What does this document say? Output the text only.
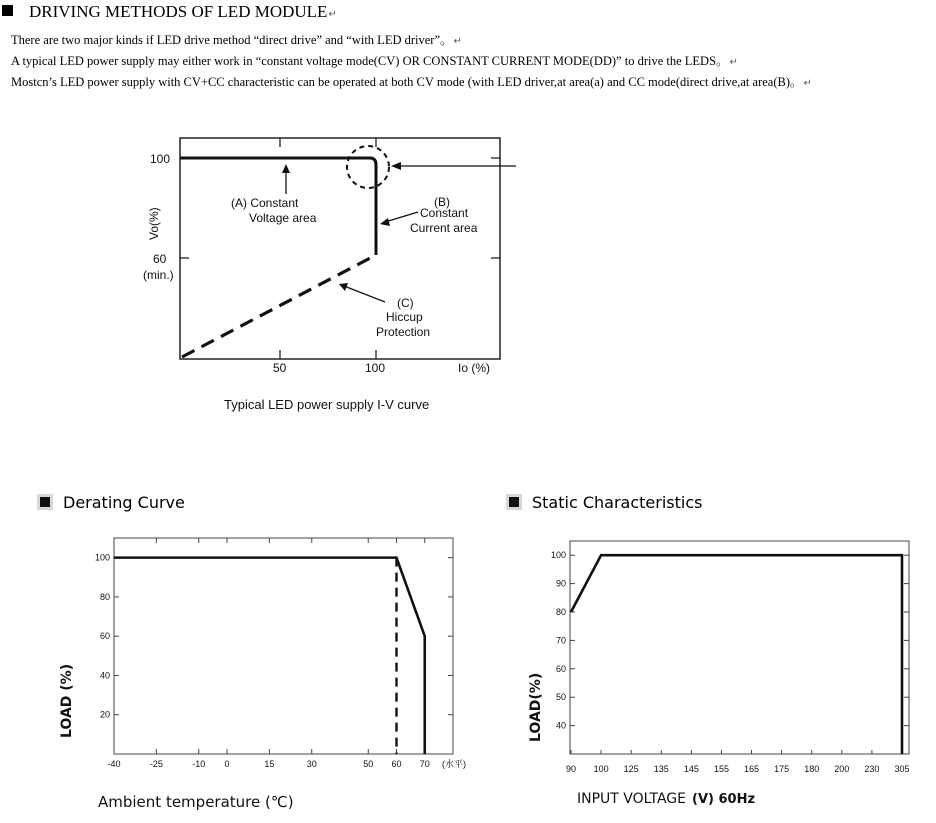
DRIVING METHODS OF LED MODULE↵
There are two major kinds if LED drive method “direct drive” and “with LED driver”。↵
A typical LED power supply may either work in “constant voltage mode(CV) OR CONSTANT CURRENT MODE(DD)” to drive the LEDS。↵
Mostcn’s LED power supply with CV+CC characteristic can be operated at both CV mode (with LED driver,at area(a) and CC mode(direct drive,at area(B)。↵
100
60
(min.)
Vo(%)
50	100	Io (%)
(A) Constant
Voltage area
(B)
Constant
Current area
(C)
Hiccup
Protection
Typical LED power supply I-V curve
Derating Curve
20
40
60
80
100
-40	-25	-10 0	15	30	50 60 70
LOAD (%)
(水平)
Ambient temperature (℃)
Static Characteristics
40
50
60
70
80
90
100
90 100 125 135 145 155 165 175 180 200 230 305
LOAD(%)
INPUT VOLTAGE (V) 60Hz
